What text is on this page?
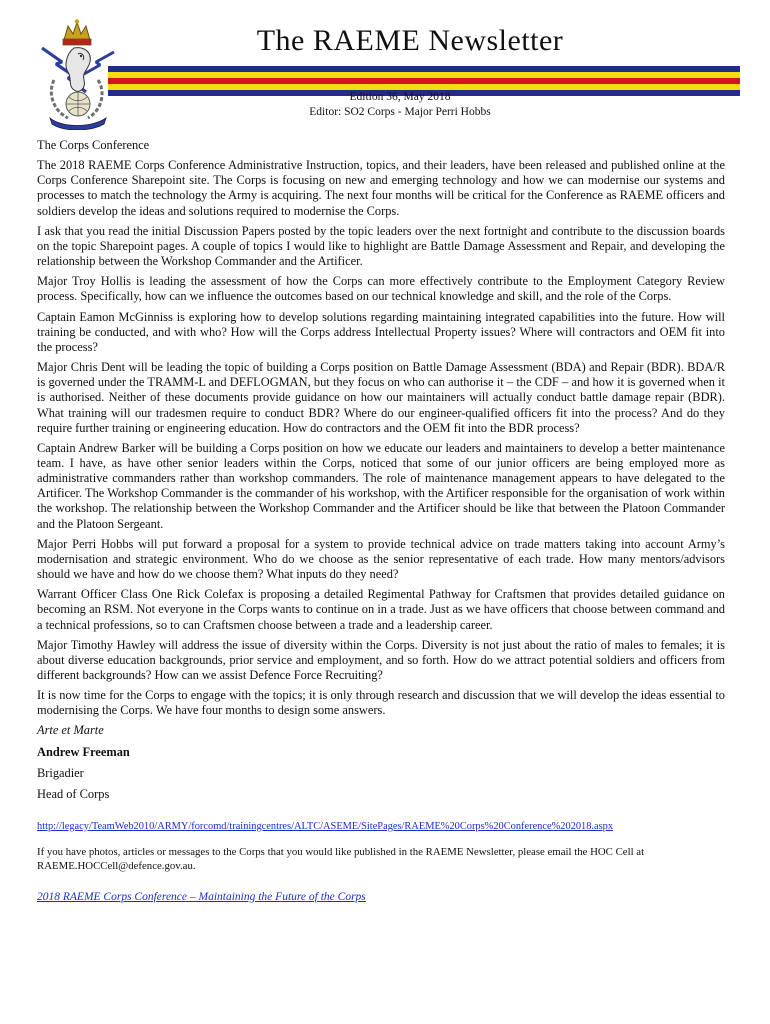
The RAEME Newsletter
Edition 36, May 2018
Editor: SO2 Corps - Major Perri Hobbs

The Corps Conference

The 2018 RAEME Corps Conference Administrative Instruction, topics, and their leaders, have been released and published online at the Corps Conference Sharepoint site. The Corps is focusing on new and emerging technology and how we can modernise our systems and processes to match the technology the Army is acquiring. The next four months will be critical for the Conference as RAEME officers and soldiers develop the ideas and solutions required to modernise the Corps.

I ask that you read the initial Discussion Papers posted by the topic leaders over the next fortnight and contribute to the discussion boards on the topic Sharepoint pages. A couple of topics I would like to highlight are Battle Damage Assessment and Repair, and developing the relationship between the Workshop Commander and the Artificer.

Major Troy Hollis is leading the assessment of how the Corps can more effectively contribute to the Employment Category Review process. Specifically, how can we influence the outcomes based on our technical knowledge and skill, and the role of the Corps.

Captain Eamon McGinniss is exploring how to develop solutions regarding maintaining integrated capabilities into the future. How will training be conducted, and with who? How will the Corps address Intellectual Property issues? Where will contractors and OEM fit into the process?

Major Chris Dent will be leading the topic of building a Corps position on Battle Damage Assessment (BDA) and Repair (BDR). BDA/R is governed under the TRAMM-L and DEFLOGMAN, but they focus on who can authorise it – the CDF – and how it is governed when it is authorised. Neither of these documents provide guidance on how our maintainers will actually conduct battle damage repair (BDR). What training will our tradesmen require to conduct BDR? Where do our engineer-qualified officers fit into the process? And do they require further training or engineering education. How do contractors and the OEM fit into the BDR process?

Captain Andrew Barker will be building a Corps position on how we educate our leaders and maintainers to develop a better maintenance team. I have, as have other senior leaders within the Corps, noticed that some of our junior officers are being employed more as administrative commanders rather than workshop commanders. The role of maintenance management appears to have delegated to the Artificer. The Workshop Commander is the commander of his workshop, with the Artificer responsible for the organisation of work within the workshop. The relationship between the Workshop Commander and the Artificer should be like that between the Platoon Commander and the Platoon Sergeant.

Major Perri Hobbs will put forward a proposal for a system to provide technical advice on trade matters taking into account Army’s modernisation and strategic environment. Who do we choose as the senior representative of each trade. How many mentors/advisors should we have and how do we choose them? What inputs do they need?

Warrant Officer Class One Rick Colefax is proposing a detailed Regimental Pathway for Craftsmen that provides detailed guidance on becoming an RSM. Not everyone in the Corps wants to continue on in a trade. Just as we have officers that choose between command and a technical professions, so to can Craftsmen choose between a trade and a leadership career.

Major Timothy Hawley will address the issue of diversity within the Corps. Diversity is not just about the ratio of males to females; it is about diverse education backgrounds, prior service and employment, and so forth. How do we attract potential soldiers and officers from different backgrounds? How can we assist Defence Force Recruiting?

It is now time for the Corps to engage with the topics; it is only through research and discussion that we will develop the ideas essential to modernising the Corps. We have four months to design some answers.

Arte et Marte

Andrew Freeman

Brigadier

Head of Corps

http://legacy/TeamWeb2010/ARMY/forcomd/trainingcentres/ALTC/ASEME/SitePages/RAEME%20Corps%20Conference%202018.aspx
If you have photos, articles or messages to the Corps that you would like published in the RAEME Newsletter, please email the HOC Cell at RAEME.HOCCell@defence.gov.au.
2018 RAEME Corps Conference – Maintaining the Future of the Corps
